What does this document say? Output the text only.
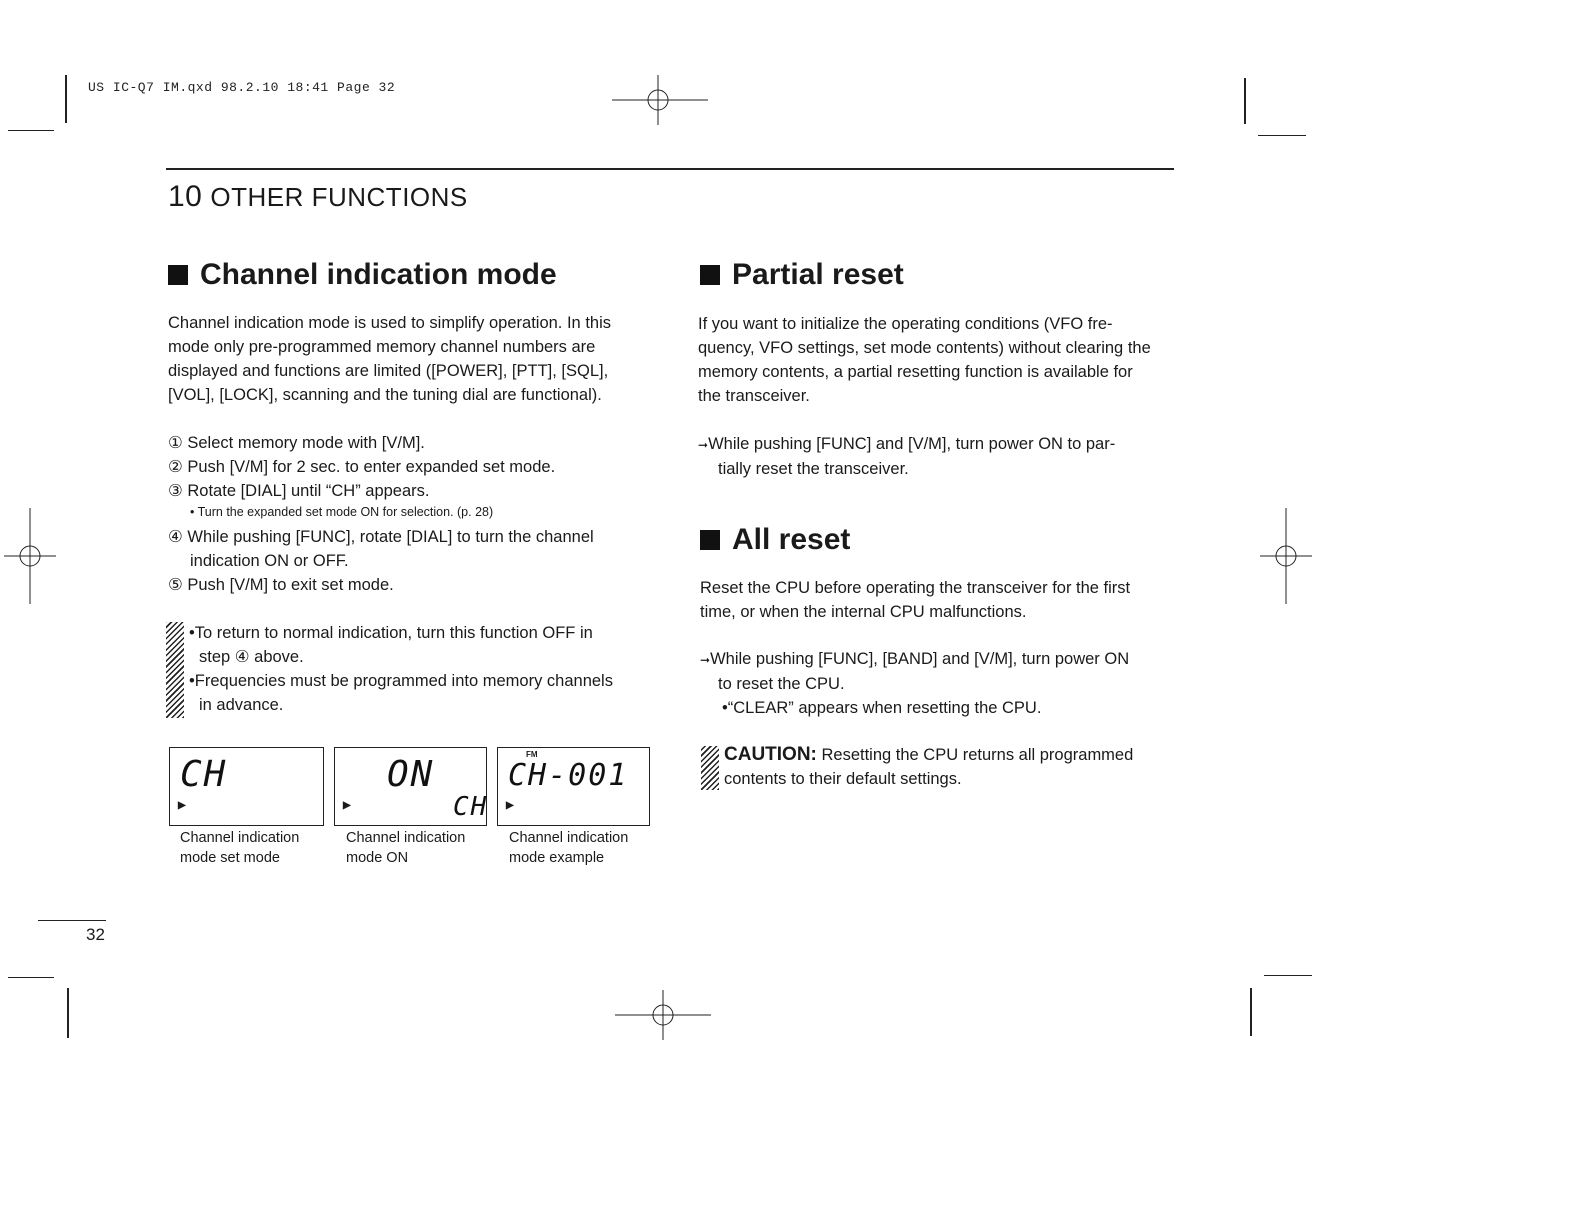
US IC-Q7 IM.qxd 98.2.10 18:41 Page 32
10 OTHER FUNCTIONS
Channel indication mode
Channel indication mode is used to simplify operation. In this
mode only pre-programmed memory channel numbers are
displayed and functions are limited ([POWER], [PTT], [SQL],
[VOL], [LOCK], scanning and the tuning dial are functional).
① Select memory mode with [V/M].
② Push [V/M] for 2 sec. to enter expanded set mode.
③ Rotate [DIAL] until “CH” appears.
• Turn the expanded set mode ON for selection. (p. 28)
④ While pushing [FUNC], rotate [DIAL] to turn the channel
indication ON or OFF.
⑤ Push [V/M] to exit set mode.
•To return to normal indication, turn this function OFF in
step ④ above.
•Frequencies must be programmed into memory channels
in advance.
CH
▶
ON
CH
▶
FM
CH-001
▶
Channel indication
mode set mode
Channel indication
mode ON
Channel indication
mode example
Partial reset
If you want to initialize the operating conditions (VFO fre-
quency, VFO settings, set mode contents) without clearing the
memory contents, a partial resetting function is available for
the transceiver.
➞While pushing [FUNC] and [V/M], turn power ON to par-
tially reset the transceiver.
All reset
Reset the CPU before operating the transceiver for the first
time, or when the internal CPU malfunctions.
➞While pushing [FUNC], [BAND] and [V/M], turn power ON
to reset the CPU.
•“CLEAR” appears when resetting the CPU.
CAUTION: Resetting the CPU returns all programmed
contents to their default settings.
32
